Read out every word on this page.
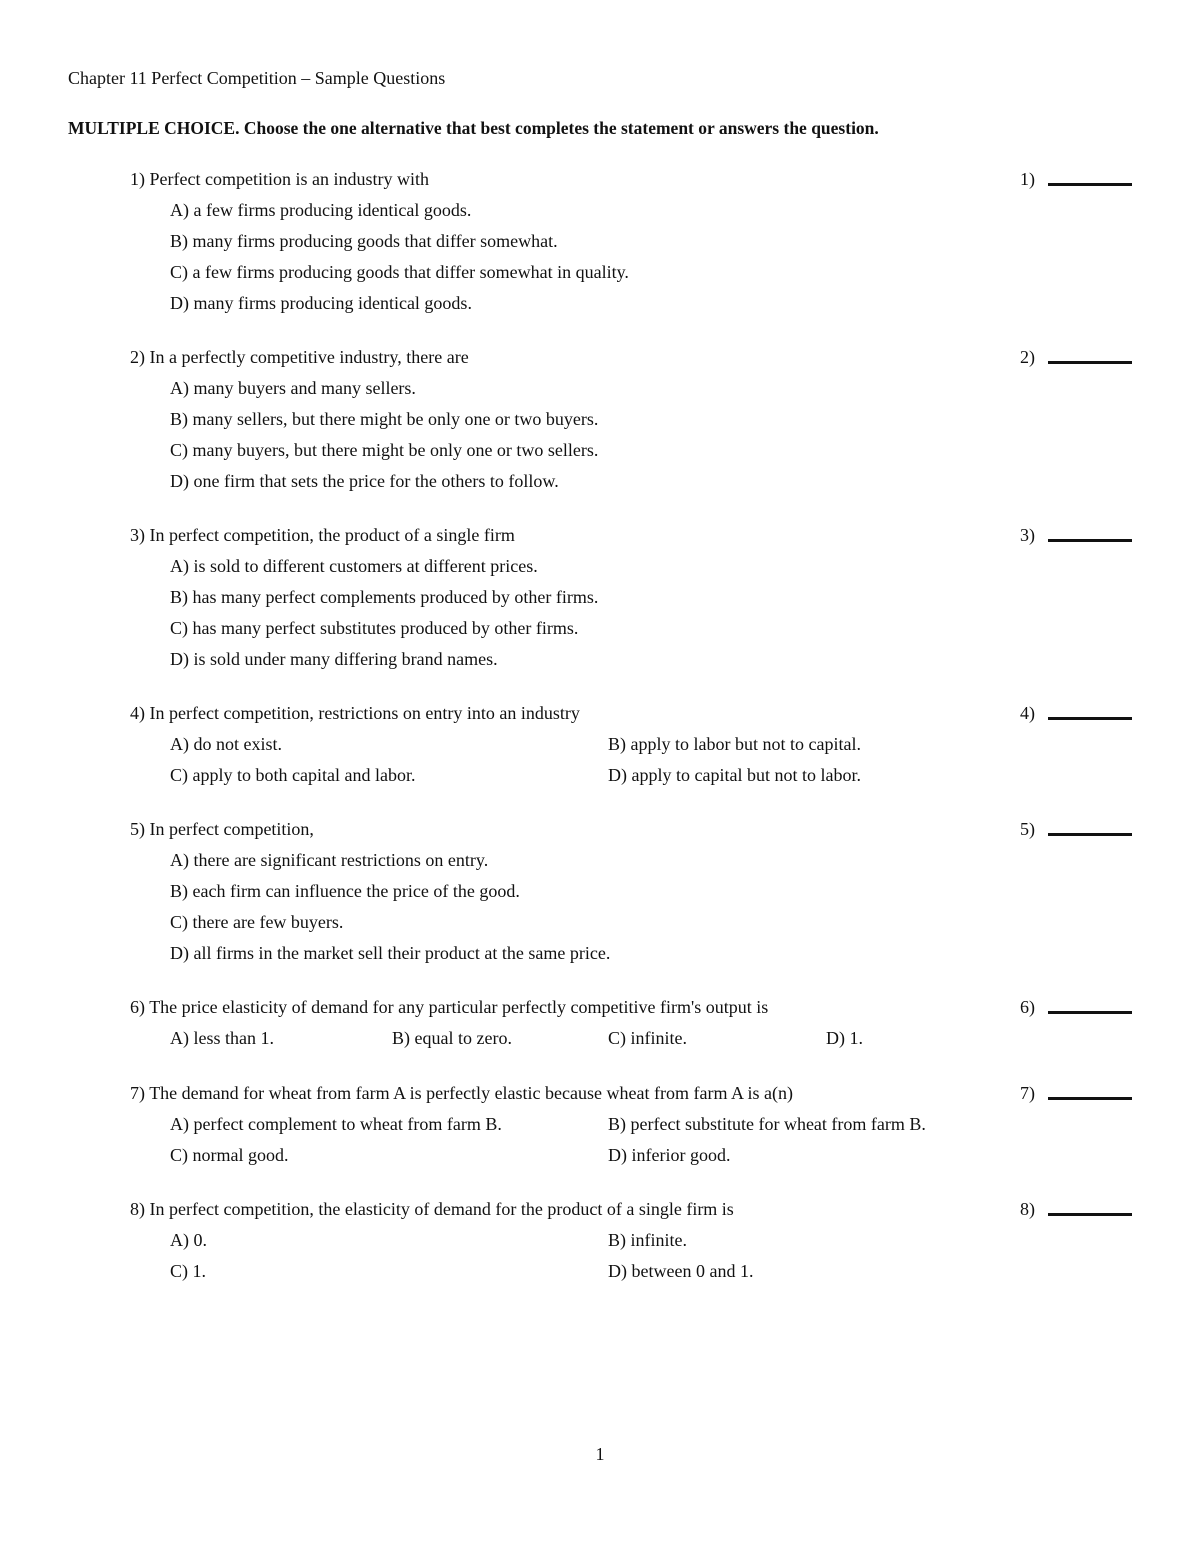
Chapter 11 Perfect Competition – Sample Questions
MULTIPLE CHOICE. Choose the one alternative that best completes the statement or answers the question.
1) Perfect competition is an industry with	1)
A) a few firms producing identical goods.
B) many firms producing goods that differ somewhat.
C) a few firms producing goods that differ somewhat in quality.
D) many firms producing identical goods.
2) In a perfectly competitive industry, there are	2)
A) many buyers and many sellers.
B) many sellers, but there might be only one or two buyers.
C) many buyers, but there might be only one or two sellers.
D) one firm that sets the price for the others to follow.
3) In perfect competition, the product of a single firm	3)
A) is sold to different customers at different prices.
B) has many perfect complements produced by other firms.
C) has many perfect substitutes produced by other firms.
D) is sold under many differing brand names.
4) In perfect competition, restrictions on entry into an industry	4)
A) do not exist.	B) apply to labor but not to capital.
C) apply to both capital and labor.	D) apply to capital but not to labor.
5) In perfect competition,	5)
A) there are significant restrictions on entry.
B) each firm can influence the price of the good.
C) there are few buyers.
D) all firms in the market sell their product at the same price.
6) The price elasticity of demand for any particular perfectly competitive firm's output is	6)
A) less than 1.	B) equal to zero.	C) infinite.	D) 1.
7) The demand for wheat from farm A is perfectly elastic because wheat from farm A is a(n)	7)
A) perfect complement to wheat from farm B.	B) perfect substitute for wheat from farm B.
C) normal good.	D) inferior good.
8) In perfect competition, the elasticity of demand for the product of a single firm is	8)
A) 0.	B) infinite.
C) 1.	D) between 0 and 1.
1
